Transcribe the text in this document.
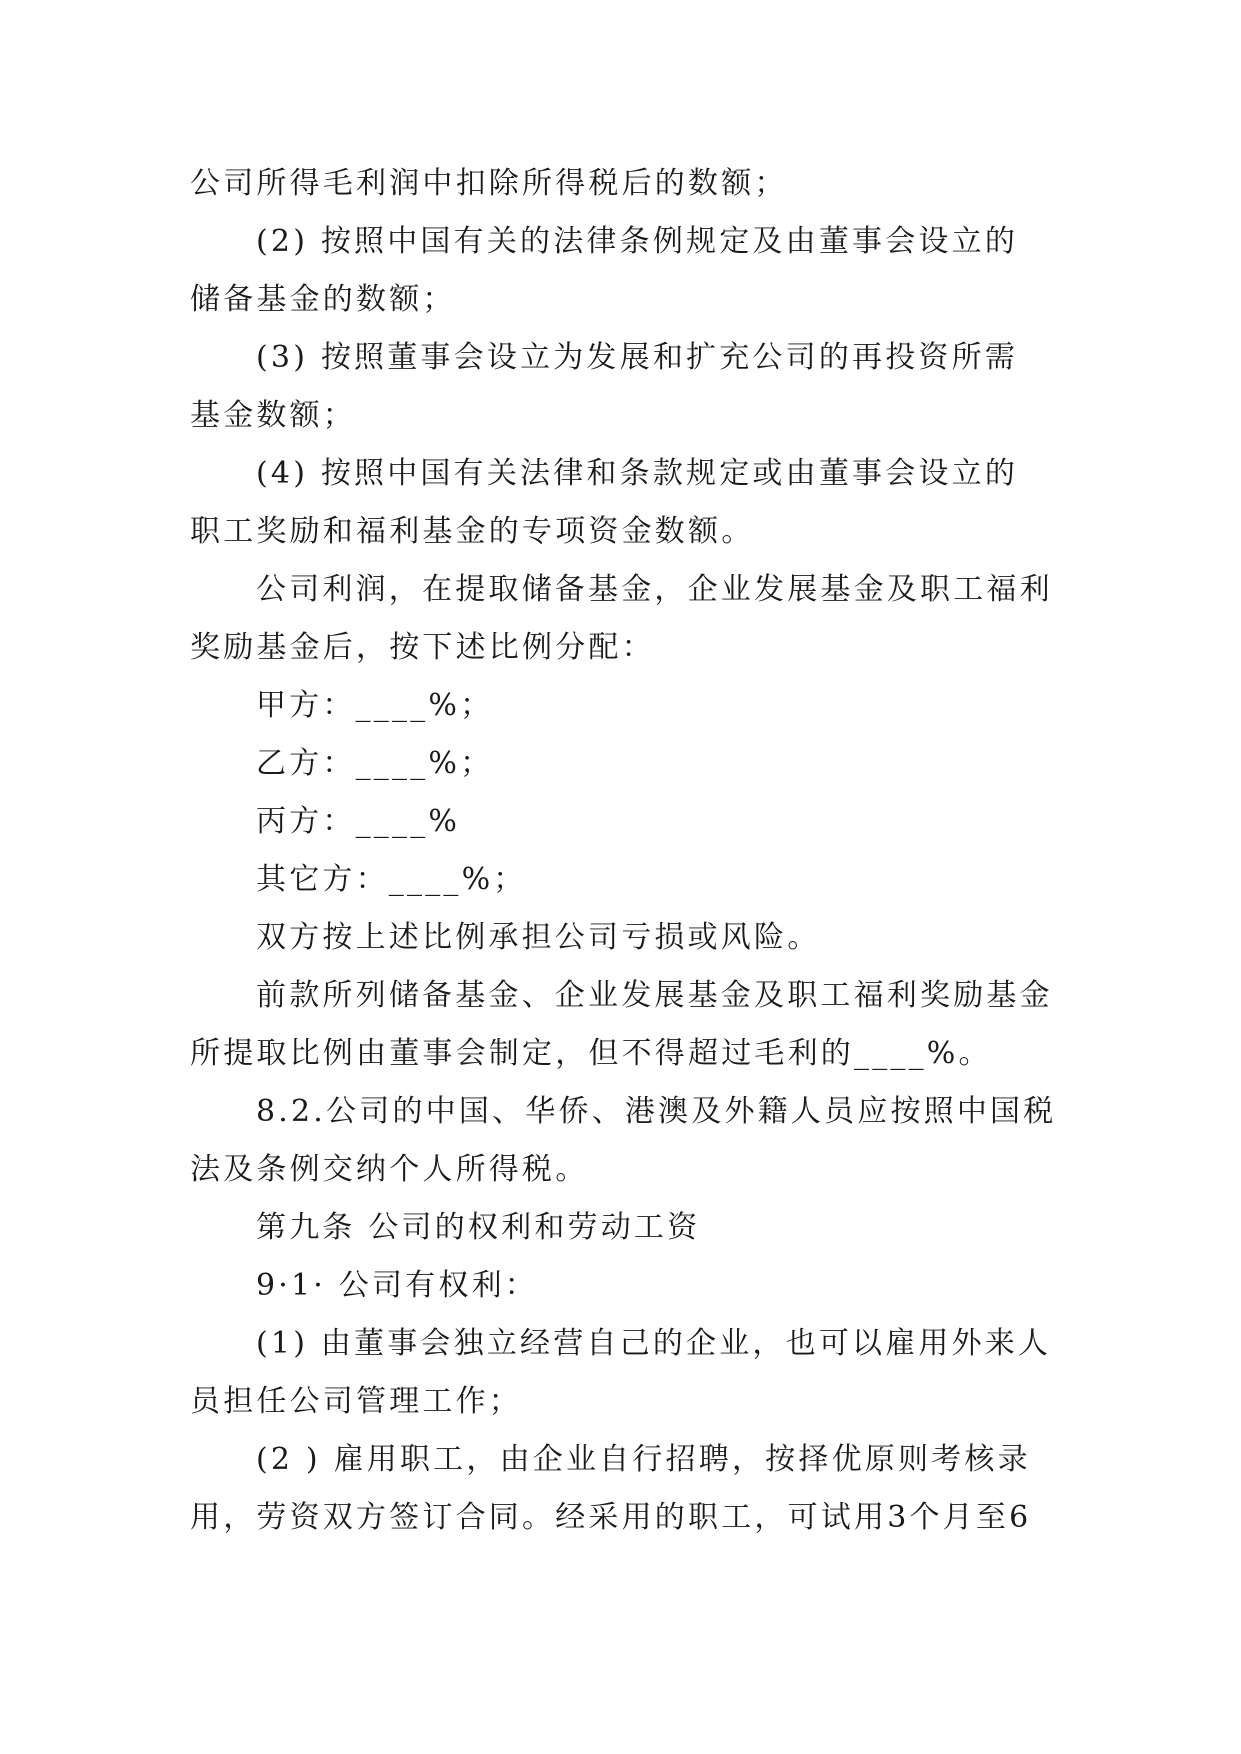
公司所得毛利润中扣除所得税后的数额；
(2) 按照中国有关的法律条例规定及由董事会设立的
储备基金的数额；
(3) 按照董事会设立为发展和扩充公司的再投资所需
基金数额；
(4) 按照中国有关法律和条款规定或由董事会设立的
职工奖励和福利基金的专项资金数额。
公司利润，在提取储备基金，企业发展基金及职工福利
奖励基金后，按下述比例分配：
甲方：____%；
乙方：____%；
丙方：____%
其它方：____%；
双方按上述比例承担公司亏损或风险。
前款所列储备基金、企业发展基金及职工福利奖励基金
所提取比例由董事会制定，但不得超过毛利的____%。
8.2.公司的中国、华侨、港澳及外籍人员应按照中国税
法及条例交纳个人所得税。
第九条 公司的权利和劳动工资
9·1· 公司有权利：
(1) 由董事会独立经营自己的企业，也可以雇用外来人
员担任公司管理工作；
(2 ) 雇用职工，由企业自行招聘，按择优原则考核录
用，劳资双方签订合同。经采用的职工，可试用3个月至6
